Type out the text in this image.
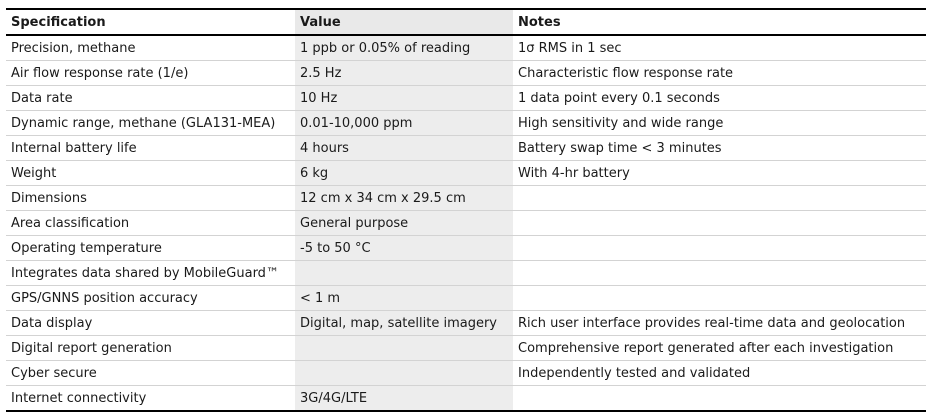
Specification	Value	Notes
Precision, methane	1 ppb or 0.05% of reading	1σ RMS in 1 sec
Air flow response rate (1/e)	2.5 Hz	Characteristic flow response rate
Data rate	10 Hz	1 data point every 0.1 seconds
Dynamic range, methane (GLA131-MEA)	0.01-10,000 ppm	High sensitivity and wide range
Internal battery life	4 hours	Battery swap time < 3 minutes
Weight	6 kg	With 4-hr battery
Dimensions	12 cm x 34 cm x 29.5 cm	
Area classification	General purpose	
Operating temperature	-5 to 50 °C	
Integrates data shared by MobileGuard™		
GPS/GNNS position accuracy	< 1 m	
Data display	Digital, map, satellite imagery	Rich user interface provides real-time data and geolocation
Digital report generation		Comprehensive report generated after each investigation
Cyber secure		Independently tested and validated
Internet connectivity	3G/4G/LTE	
